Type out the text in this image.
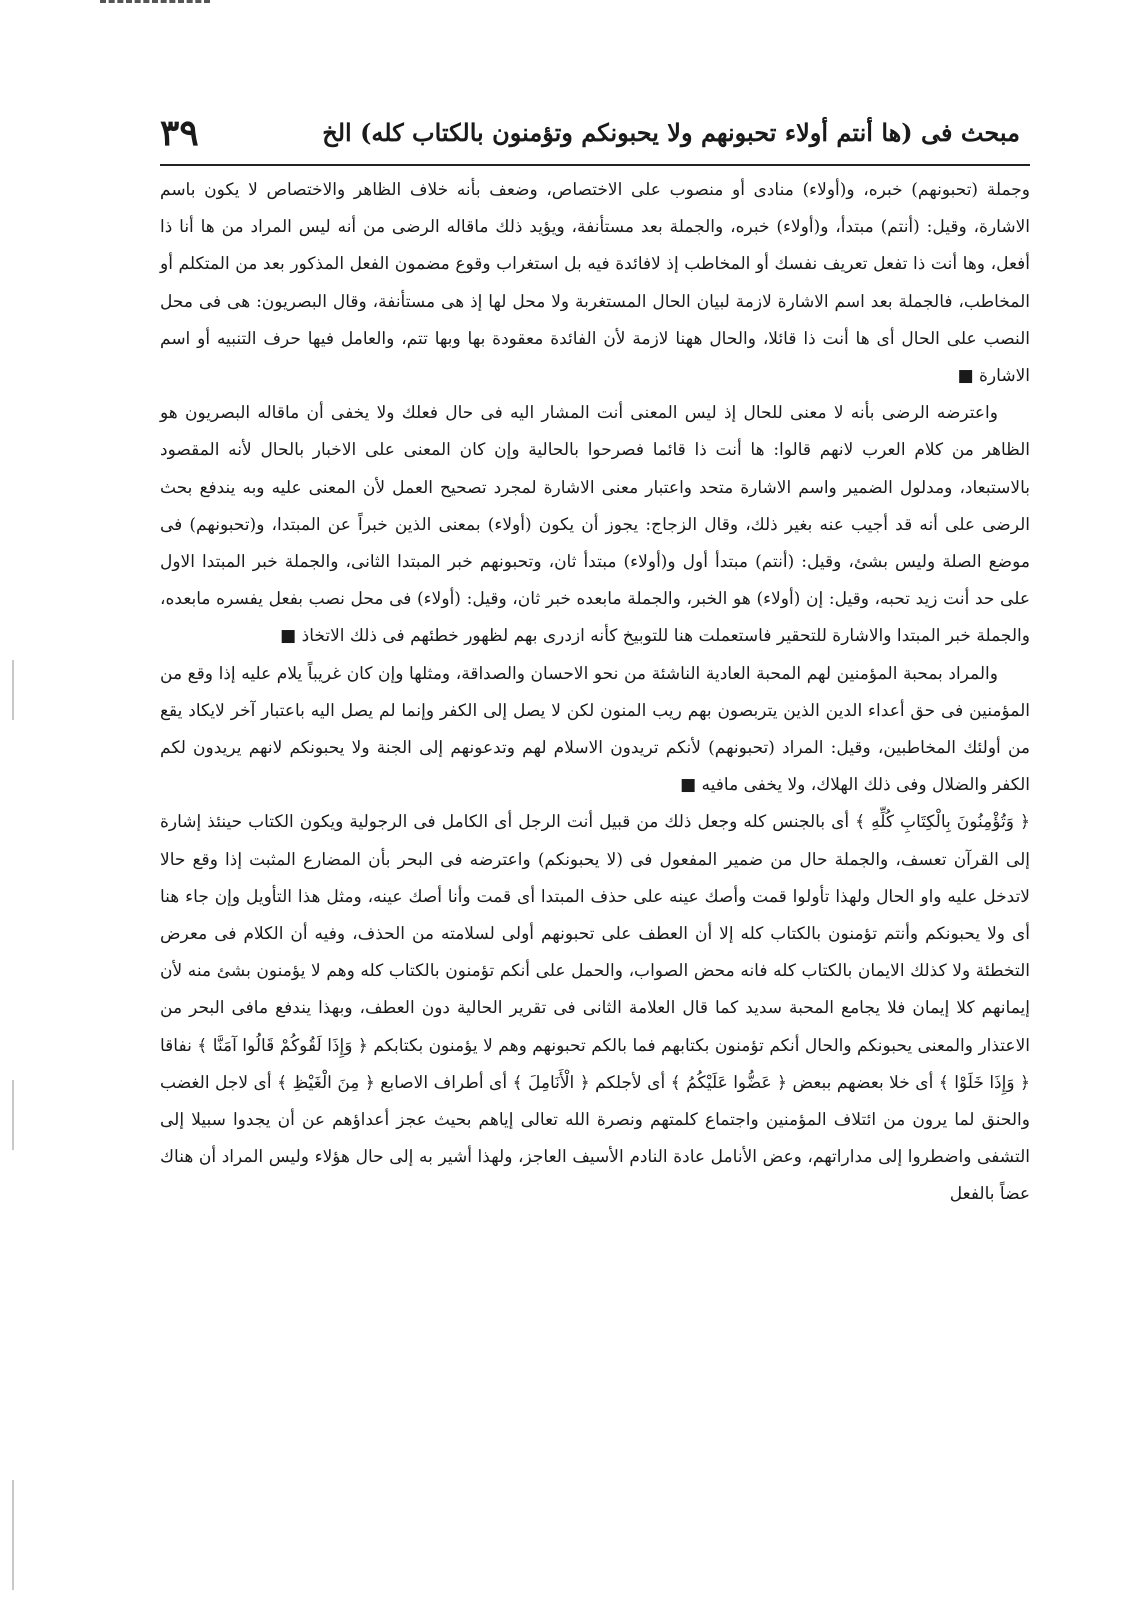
٣٩	مبحث فی (ها أنتم أولاء تحبونهم ولا یحبونکم وتؤمنون بالکتاب کله) الخ

وجملة (تحبونهم) خبره، و(أولاء) منادى أو منصوب على الاختصاص، وضعف بأنه خلاف الظاهر والاختصاص لا يكون باسم الاشارة، وقيل: (أنتم) مبتدأ، و(أولاء) خبره، والجملة بعد مستأنفة، ويؤيد ذلك ماقاله الرضى من أنه ليس المراد من ها أنا ذا أفعل، وها أنت ذا تفعل تعريف نفسك أو المخاطب إذ لافائدة فيه بل استغراب وقوع مضمون الفعل المذكور بعد من المتكلم أو المخاطب، فالجملة بعد اسم الاشارة لازمة لبيان الحال المستغربة ولا محل لها إذ هى مستأنفة، وقال البصريون: هى فى محل النصب على الحال أى ها أنت ذا قائلا، والحال ههنا لازمة لأن الفائدة معقودة بها وبها تتم، والعامل فيها حرف التنبيه أو اسم الاشارة ■

واعترضه الرضى بأنه لا معنى للحال إذ ليس المعنى أنت المشار اليه فى حال فعلك ولا يخفى أن ماقاله البصريون هو الظاهر من كلام العرب لانهم قالوا: ها أنت ذا قائما فصرحوا بالحالية وإن كان المعنى على الاخبار بالحال لأنه المقصود بالاستبعاد، ومدلول الضمير واسم الاشارة متحد واعتبار معنى الاشارة لمجرد تصحيح العمل لأن المعنى عليه وبه يندفع بحث الرضى على أنه قد أجيب عنه بغير ذلك، وقال الزجاج: يجوز أن يكون (أولاء) بمعنى الذين خبراً عن المبتدا، و(تحبونهم) فى موضع الصلة وليس بشئ، وقيل: (أنتم) مبتدأ أول و(أولاء) مبتدأ ثان، وتحبونهم خبر المبتدا الثانى، والجملة خبر المبتدا الاول على حد أنت زيد تحبه، وقيل: إن (أولاء) هو الخبر، والجملة مابعده خبر ثان، وقيل: (أولاء) فى محل نصب بفعل يفسره مابعده، والجملة خبر المبتدا والاشارة للتحقير فاستعملت هنا للتوبيخ كأنه ازدرى بهم لظهور خطئهم فى ذلك الاتخاذ ■

والمراد بمحبة المؤمنين لهم المحبة العادية الناشئة من نحو الاحسان والصداقة، ومثلها وإن كان غريباً يلام عليه إذا وقع من المؤمنين فى حق أعداء الدين الذين يتربصون بهم ريب المنون لكن لا يصل إلى الكفر وإنما لم يصل اليه باعتبار آخر لايكاد يقع من أولئك المخاطبين، وقيل: المراد (تحبونهم) لأنكم تريدون الاسلام لهم وتدعونهم إلى الجنة ولا يحبونكم لانهم يريدون لكم الكفر والضلال وفى ذلك الهلاك، ولا يخفى مافيه ■

﴿ وَتُؤْمِنُونَ بِالْكِتَابِ كُلِّهِ ﴾ أى بالجنس كله وجعل ذلك من قبيل أنت الرجل أى الكامل فى الرجولية ويكون الكتاب حينئذ إشارة إلى القرآن تعسف، والجملة حال من ضمير المفعول فى (لا يحبونكم) واعترضه فى البحر بأن المضارع المثبت إذا وقع حالا لاتدخل عليه واو الحال ولهذا تأولوا قمت وأصك عينه على حذف المبتدا أى قمت وأنا أصك عينه، ومثل هذا التأويل وإن جاء هنا أى ولا يحبونكم وأنتم تؤمنون بالكتاب كله إلا أن العطف على تحبونهم أولى لسلامته من الحذف، وفيه أن الكلام فى معرض التخطئة ولا كذلك الايمان بالكتاب كله فانه محض الصواب، والحمل على أنكم تؤمنون بالكتاب كله وهم لا يؤمنون بشئ منه لأن إيمانهم كلا إيمان فلا يجامع المحبة سديد كما قال العلامة الثانى فى تقرير الحالية دون العطف، وبهذا يندفع مافى البحر من الاعتذار والمعنى يحبونكم والحال أنكم تؤمنون بكتابهم فما بالكم تحبونهم وهم لا يؤمنون بكتابكم ﴿ وَإِذَا لَقُوكُمْ قَالُوا آمَنَّا ﴾ نفاقا ﴿ وَإِذَا خَلَوْا ﴾ أى خلا بعضهم ببعض ﴿ عَضُّوا عَلَيْكُمُ ﴾ أى لأجلكم ﴿ الْأَنَامِلَ ﴾ أى أطراف الاصابع ﴿ مِنَ الْغَيْظِ ﴾ أى لاجل الغضب والحنق لما يرون من ائتلاف المؤمنين واجتماع كلمتهم ونصرة الله تعالى إياهم بحيث عجز أعداؤهم عن أن يجدوا سبيلا إلى التشفى واضطروا إلى مداراتهم، وعض الأنامل عادة النادم الأسيف العاجز، ولهذا أشير به إلى حال هؤلاء وليس المراد أن هناك عضاً بالفعل
